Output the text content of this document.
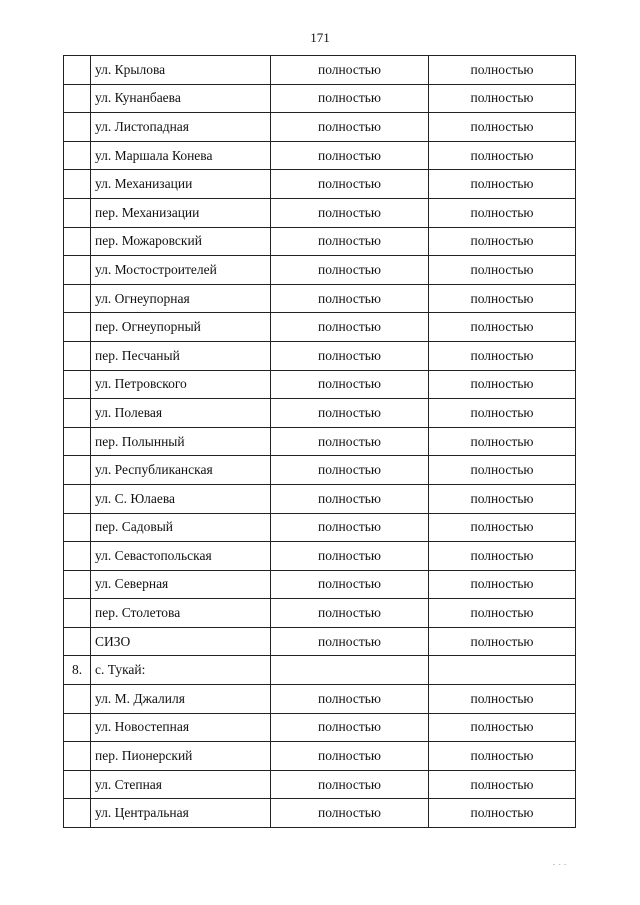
171
	ул. Крылова	полностью	полностью
	ул. Кунанбаева	полностью	полностью
	ул. Листопадная	полностью	полностью
	ул. Маршала Конева	полностью	полностью
	ул. Механизации	полностью	полностью
	пер. Механизации	полностью	полностью
	пер. Можаровский	полностью	полностью
	ул. Мостостроителей	полностью	полностью
	ул. Огнеупорная	полностью	полностью
	пер. Огнеупорный	полностью	полностью
	пер. Песчаный	полностью	полностью
	ул. Петровского	полностью	полностью
	ул. Полевая	полностью	полностью
	пер. Полынный	полностью	полностью
	ул. Республиканская	полностью	полностью
	ул. С. Юлаева	полностью	полностью
	пер. Садовый	полностью	полностью
	ул. Севастопольская	полностью	полностью
	ул. Северная	полностью	полностью
	пер. Столетова	полностью	полностью
	СИЗО	полностью	полностью
8.	с. Тукай:		
	ул. М. Джалиля	полностью	полностью
	ул. Новостепная	полностью	полностью
	пер. Пионерский	полностью	полностью
	ул. Степная	полностью	полностью
	ул. Центральная	полностью	полностью
- - -
